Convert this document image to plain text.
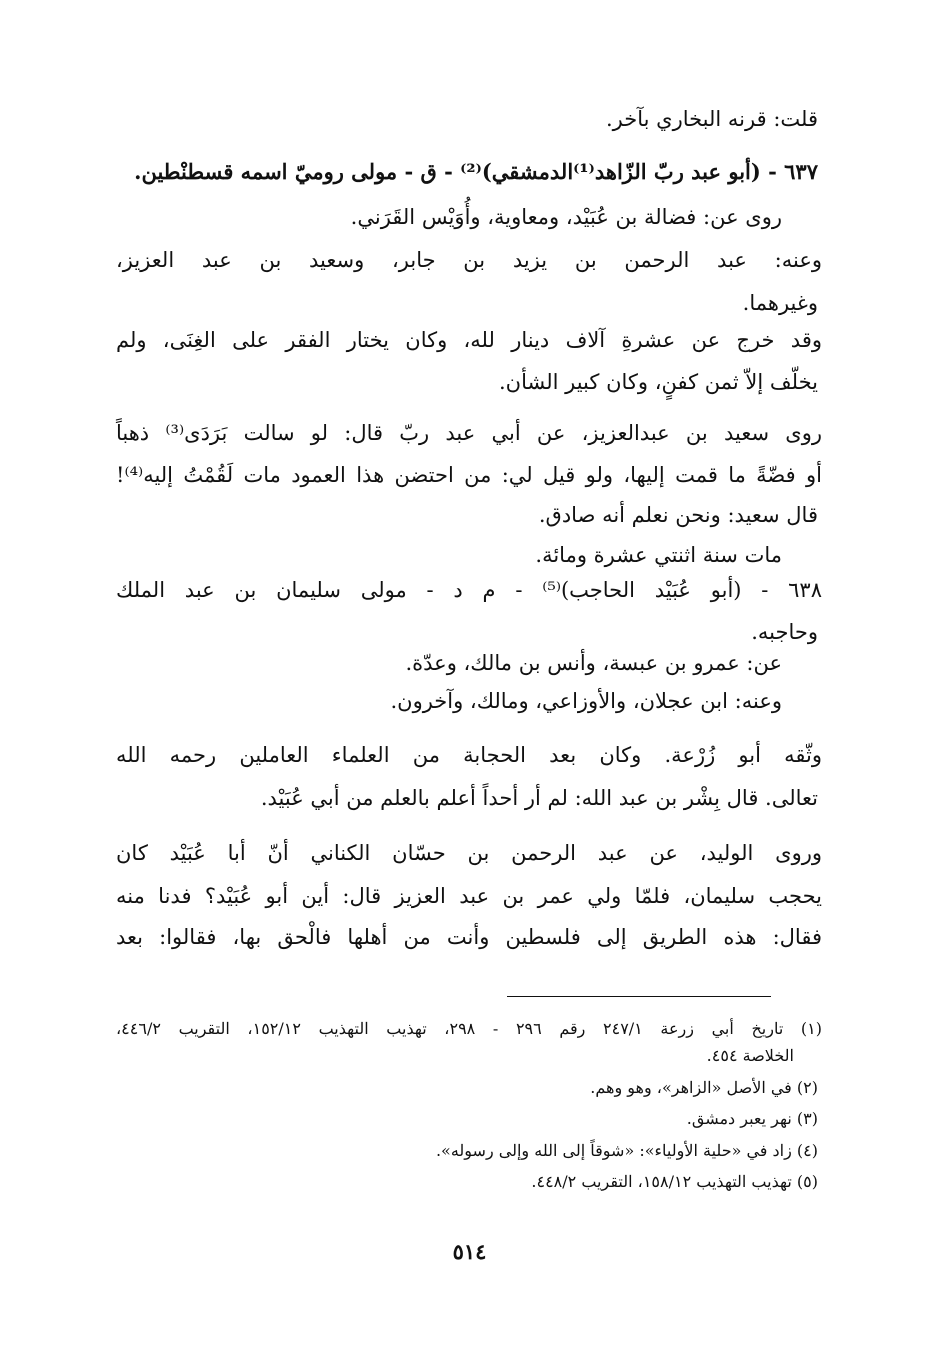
قلت: قرنه البخاري بآخر.
٦٣٧ - (أبو عبد ربّ الزّاهد⁽¹⁾الدمشقي)⁽²⁾ - ق - مولى روميّ اسمه قسطنْطين.
روى عن: فضالة بن عُبَيْد، ومعاوية، وأُوَيْس القَرَني.
وعنه: عبد الرحمن بن يزيد بن جابر، وسعيد بن عبد العزيز،
وغيرهما.
وقد خرج عن عشرةِ آلاف دينار لله، وكان يختار الفقر على الغِنَى، ولم
يخلّف إلاّ ثمن كفنٍ، وكان كبير الشأن.
روى سعيد بن عبدالعزيز، عن أبي عبد ربّ قال: لو سالت بَرَدَى⁽³⁾ ذهباً
أو فضّةً ما قمت إليها، ولو قيل لي: من احتضن هذا العمود مات لَقُمْتُ إليه⁽⁴⁾!
قال سعيد: ونحن نعلم أنه صادق.
مات سنة اثنتي عشرة ومائة.
٦٣٨ - (أبو عُبَيْد الحاجب)⁽⁵⁾ - م د - مولى سليمان بن عبد الملك
وحاجبه.
عن: عمرو بن عبسة، وأنس بن مالك، وعدّة.
وعنه: ابن عجلان، والأوزاعي، ومالك، وآخرون.
وثّقه أبو زُرْعة. وكان بعد الحجابة من العلماء العاملين رحمه الله
تعالى. قال بِشْر بن عبد الله: لم أر أحداً أعلم بالعلم من أبي عُبَيْد.
وروى الوليد، عن عبد الرحمن بن حسّان الكناني أنّ أبا عُبَيْد كان
يحجب سليمان، فلمّا ولي عمر بن عبد العزيز قال: أين أبو عُبَيْد؟ فدنا منه
فقال: هذه الطريق إلى فلسطين وأنت من أهلها فالْحق بها، فقالوا: بعد
(١) تاريخ أبي زرعة ٢٤٧/١ رقم ٢٩٦ - ٢٩٨، تهذيب التهذيب ١٥٢/١٢، التقريب ٤٤٦/٢،
الخلاصة ٤٥٤.
(٢) في الأصل «الزاهر»، وهو وهم.
(٣) نهر يعبر دمشق.
(٤) زاد في «حلية الأولياء»: «شوقاً إلى الله وإلى رسوله».
(٥) تهذيب التهذيب ١٥٨/١٢، التقريب ٤٤٨/٢.
٥١٤
